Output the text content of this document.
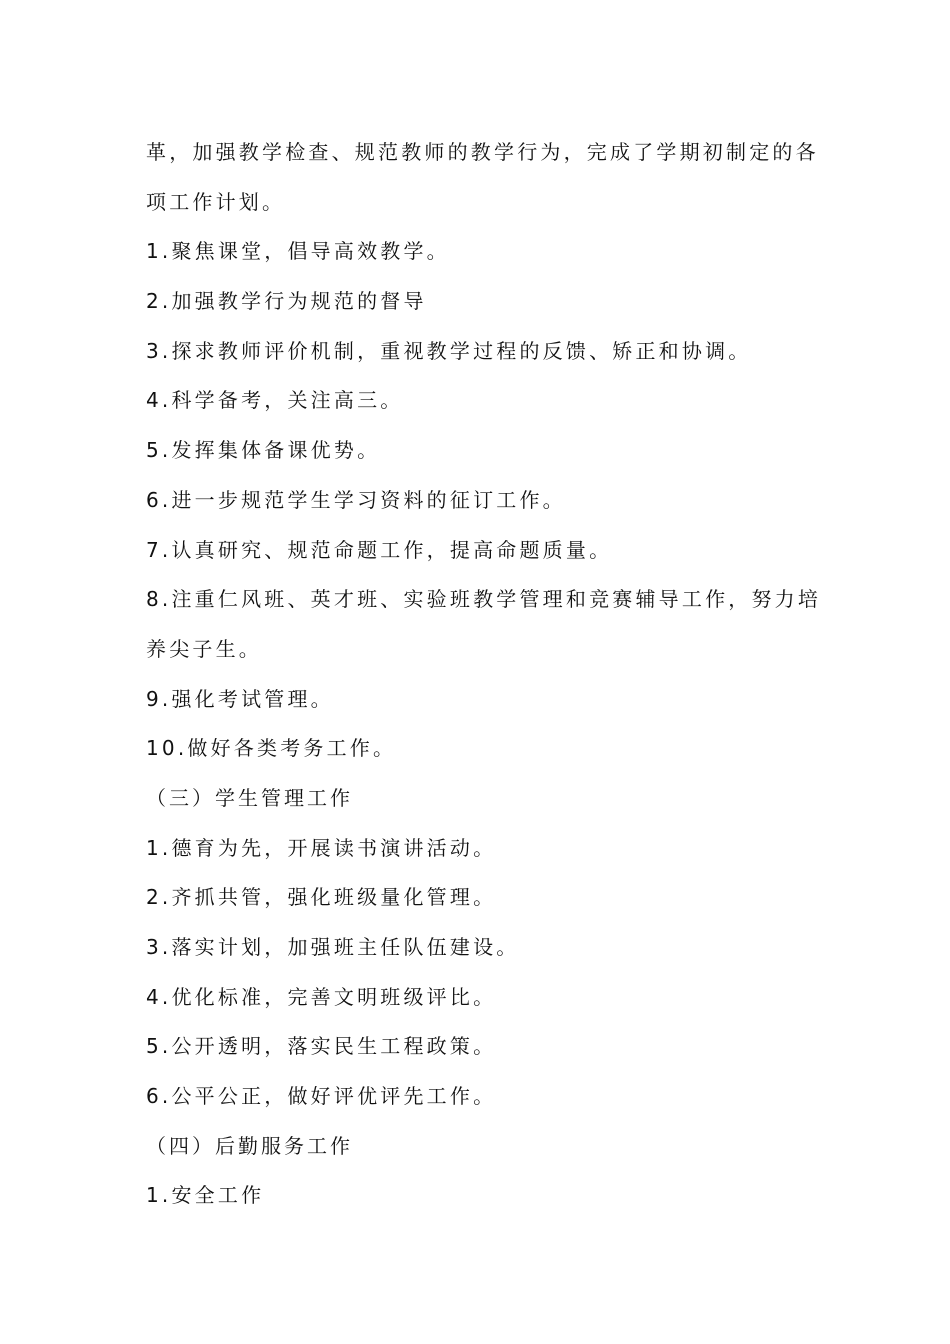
革，加强教学检查、规范教师的教学行为，完成了学期初制定的各
项工作计划。
1.聚焦课堂，倡导高效教学。
2.加强教学行为规范的督导
3.探求教师评价机制，重视教学过程的反馈、矫正和协调。
4.科学备考，关注高三。
5.发挥集体备课优势。
6.进一步规范学生学习资料的征订工作。
7.认真研究、规范命题工作，提高命题质量。
8.注重仁风班、英才班、实验班教学管理和竞赛辅导工作，努力培
养尖子生。
9.强化考试管理。
10.做好各类考务工作。
（三）学生管理工作
1.德育为先，开展读书演讲活动。
2.齐抓共管，强化班级量化管理。
3.落实计划，加强班主任队伍建设。
4.优化标准，完善文明班级评比。
5.公开透明，落实民生工程政策。
6.公平公正，做好评优评先工作。
（四）后勤服务工作
1.安全工作
